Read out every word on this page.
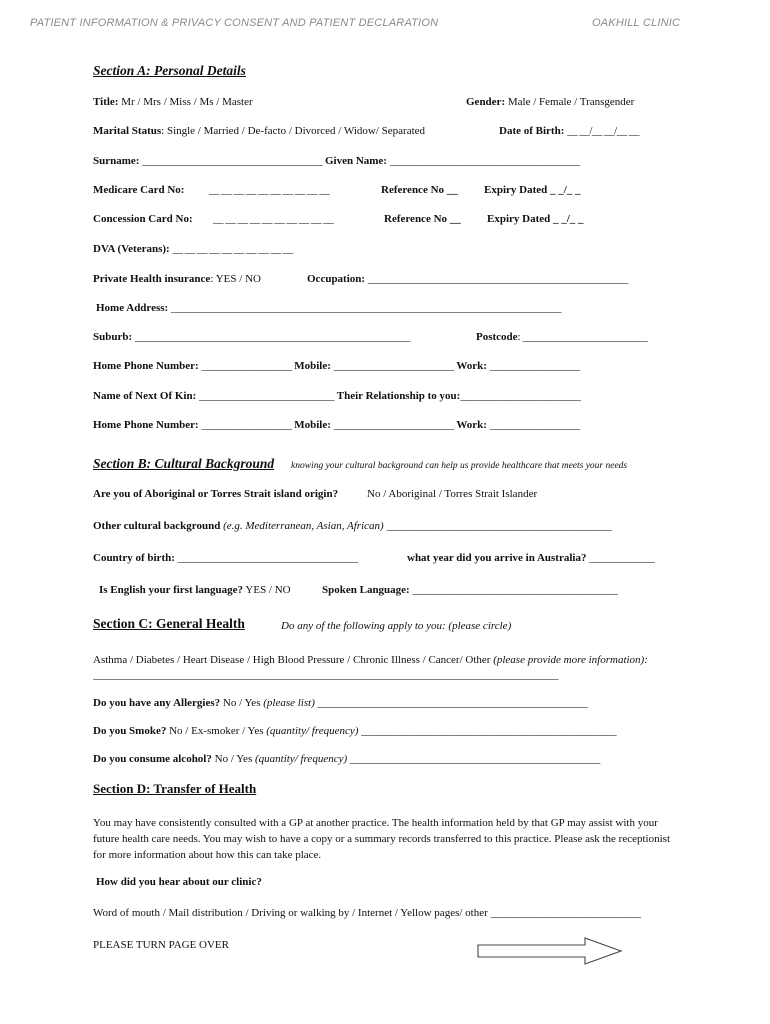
PATIENT INFORMATION & PRIVACY CONSENT AND PATIENT DECLARATION	OAKHILL CLINIC
Section A: Personal Details
Title: Mr / Mrs / Miss / Ms / Master	Gender: Male / Female / Transgender
Marital Status: Single / Married / De-facto / Divorced / Widow/ Separated	Date of Birth: __ __/__ __/__ __
Surname: ____________________________________ Given Name: ______________________________________
Medicare Card No: __ __ __ __ __ __ __ __ __ __	Reference No __ Expiry Dated _ _/_ _
Concession Card No: __ __ __ __ __ __ __ __ __ __	Reference No __ Expiry Dated _ _/_ _
DVA (Veterans): __ __ __ __ __ __ __ __ __ __
Private Health insurance: YES / NO	Occupation: ____________________________________________________
Home Address: ______________________________________________________________________________
Suburb: _______________________________________________________	Postcode: _________________________
Home Phone Number: __________________ Mobile: ________________________ Work: __________________
Name of Next Of Kin: ___________________________ Their Relationship to you:________________________
Home Phone Number: __________________ Mobile: ________________________ Work: __________________
Section B: Cultural Background knowing your cultural background can help us provide healthcare that meets your needs
Are you of Aboriginal or Torres Strait island origin?	No / Aboriginal / Torres Strait Islander
Other cultural background (e.g. Mediterranean, Asian, African) _____________________________________________
Country of birth: ____________________________________	what year did you arrive in Australia? _____________
Is English your first language? YES / NO	Spoken Language: _________________________________________
Section C: General Health	Do any of the following apply to you: (please circle)
Asthma / Diabetes / Heart Disease / High Blood Pressure / Chronic Illness / Cancer/ Other (please provide more information):
_____________________________________________________________________________________________
Do you have any Allergies? No / Yes (please list) ______________________________________________________
Do you Smoke? No / Ex-smoker / Yes (quantity/ frequency) ___________________________________________________
Do you consume alcohol? No / Yes (quantity/ frequency) __________________________________________________
Section D: Transfer of Health
You may have consistently consulted with a GP at another practice. The health information held by that GP may assist with your future health care needs. You may wish to have a copy or a summary records transferred to this practice. Please ask the receptionist for more information about how this can take place.
How did you hear about our clinic?
Word of mouth / Mail distribution / Driving or walking by / Internet / Yellow pages/ other ______________________________
PLEASE TURN PAGE OVER
